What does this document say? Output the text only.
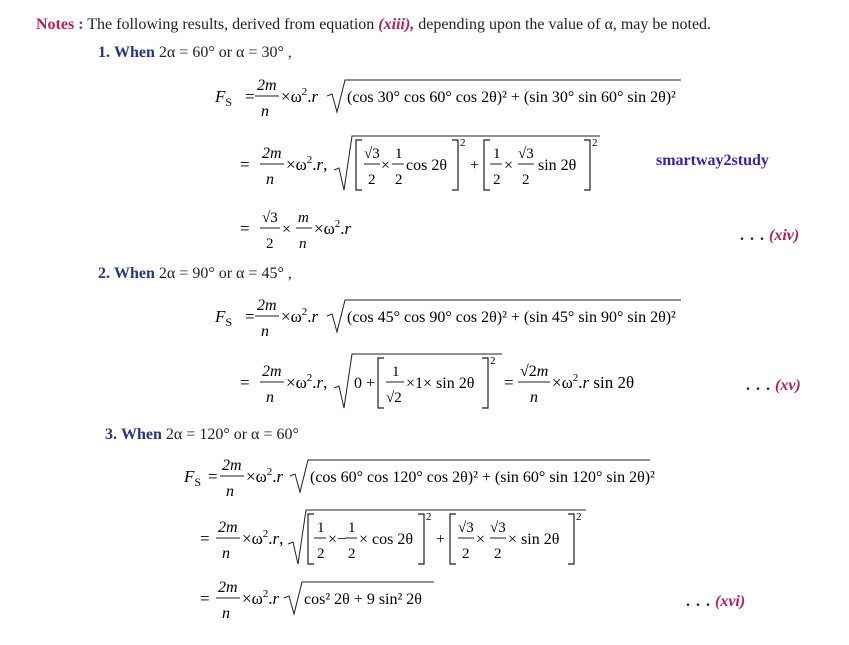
Notes : The following results, derived from equation (xiii), depending upon the value of α, may be noted.
1. When 2α = 60° or α = 30° ,
$F_S$ =
2m
n
$\times\omega^2.r$ (cos 30° cos 60° cos 2θ)² + (sin 30° sin 60° sin 2θ)²
=
2m
n
$\times\omega^2.r$,
√3
2
×
1
2
cos 2θ
2
+
1
2
×
√3
2
sin 2θ
2
smartway2study
=
√3
2
×
m
n
$\times\omega^2.r$	. . . (xiv)
2. When 2α = 90° or α = 45° ,
$F_S$ =
2m
n
$\times\omega^2.r$ (cos 45° cos 90° cos 2θ)² + (sin 45° sin 90° sin 2θ)²
=
2m
n
$\times\omega^2.r$, 0 +
1
√2
×1× sin 2θ
2
=
√2m
n
$\times\omega^2.r$ sin 2θ	. . . (xv)
3. When 2α = 120° or α = 60°
$F_S$ =
2m
n
$\times\omega^2.r$ (cos 60° cos 120° cos 2θ)² + (sin 60° sin 120° sin 2θ)²
=
2m
n
$\times\omega^2.r$,
1
2
×−
1
2
× cos 2θ
2
+
√3
2
×
√3
2
× sin 2θ
2
=
2m
n
$\times\omega^2.r$ cos² 2θ + 9 sin² 2θ	. . . (xvi)
